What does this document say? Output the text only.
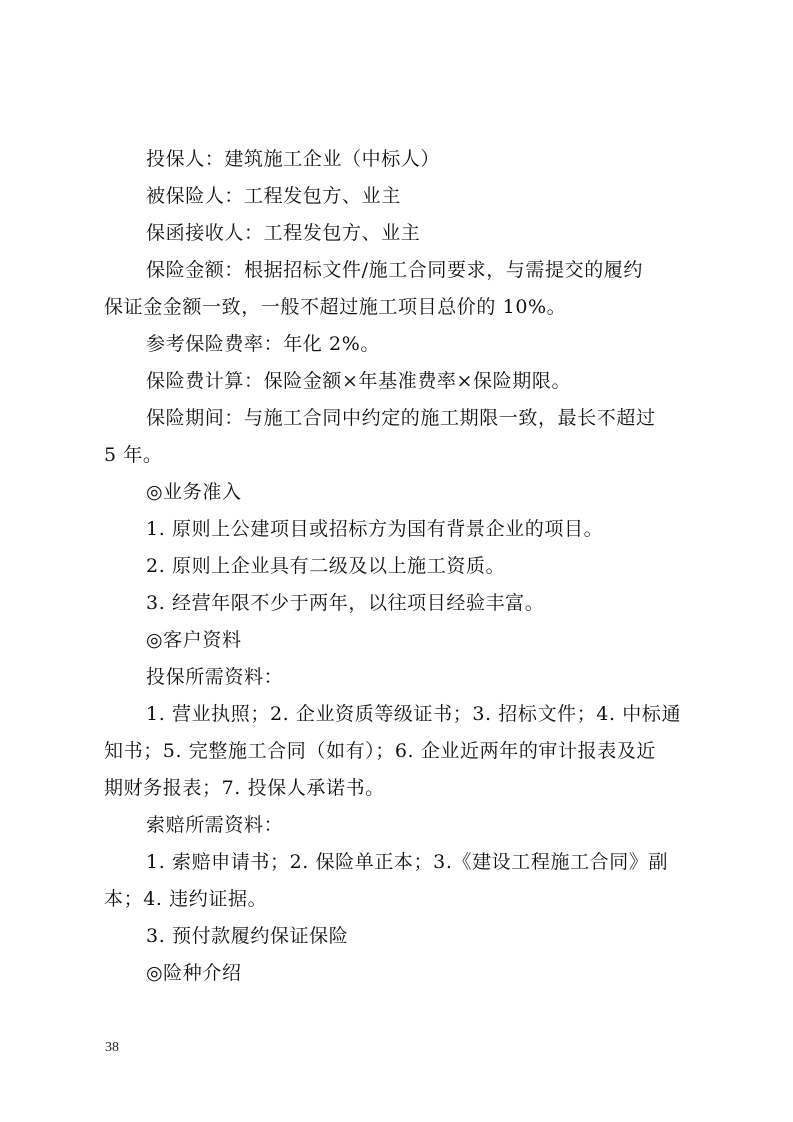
投保人：建筑施工企业（中标人）
被保险人：工程发包方、业主
保函接收人：工程发包方、业主
保险金额：根据招标文件/施工合同要求，与需提交的履约
保证金金额一致，一般不超过施工项目总价的 10%。
参考保险费率：年化 2%。
保险费计算：保险金额×年基准费率×保险期限。
保险期间：与施工合同中约定的施工期限一致，最长不超过
5 年。
◎业务准入
1. 原则上公建项目或招标方为国有背景企业的项目。
2. 原则上企业具有二级及以上施工资质。
3. 经营年限不少于两年，以往项目经验丰富。
◎客户资料
投保所需资料：
1. 营业执照；2. 企业资质等级证书；3. 招标文件；4. 中标通
知书；5. 完整施工合同（如有）；6. 企业近两年的审计报表及近
期财务报表；7. 投保人承诺书。
索赔所需资料：
1. 索赔申请书；2. 保险单正本；3.《建设工程施工合同》副
本；4. 违约证据。
3. 预付款履约保证保险
◎险种介绍
38
